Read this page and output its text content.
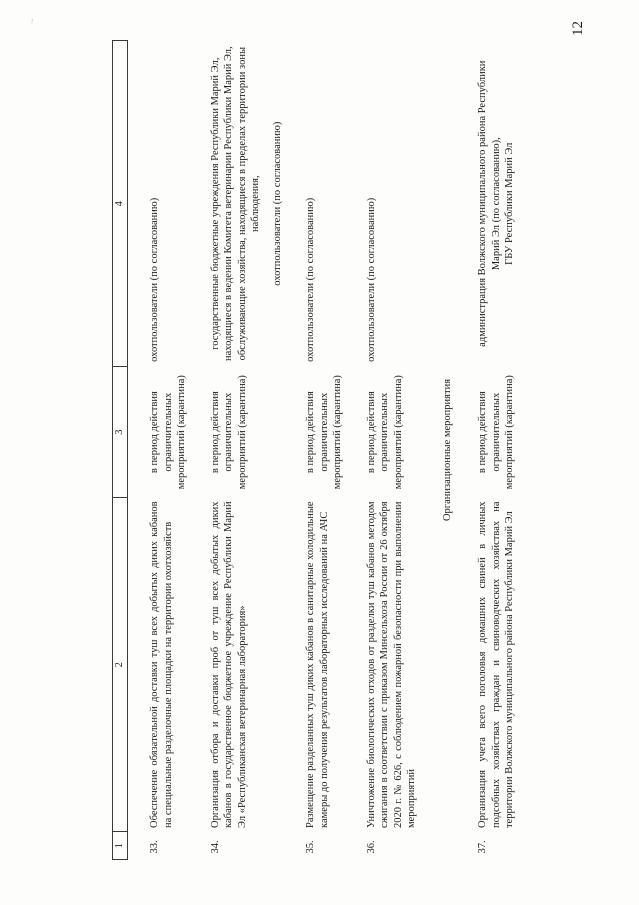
~	12
1	2	3	4
33.	Обеспечение обязательной доставки туш всех добытых диких кабанов на специальные разделочные площадки на территории охотхозяйств	в период действия ограничительных мероприятий (карантина)	охотпользователи (по согласованию)
34.	Организация отбора и доставки проб от туш всех добытых диких кабанов в государственное бюджетное учреждение Республики Марий Эл «Республиканская ветеринарная лаборатория»	в период действия ограничительных мероприятий (карантина)	государственные бюджетные учреждения Республики Марий Эл, находящиеся в ведении Комитета ветеринарии Республики Марий Эл, обслуживающие хозяйства, находящиеся в пределах территории зоны наблюдения, охотпользователи (по согласованию)

35.	Размещение разделанных туш диких кабанов в санитарные холодильные камеры до получения результатов лабораторных исследований на АЧС	в период действия ограничительных мероприятий (карантина)	охотпользователи (по согласованию)
36.	Уничтожение биологических отходов от разделки туш кабанов методом сжигания в соответствии с приказом Минсельхоза России от 26 октября 2020 г. № 626, с соблюдением пожарной безопасности при выполнении мероприятий	в период действия ограничительных мероприятий (карантина)	охотпользователи (по согласованию)
Организационные мероприятия			
37.	Организация учета всего поголовья домашних свиней в личных подсобных хозяйствах граждан и свиноводческих хозяйствах на территории Волжского муниципального района Республики Марий Эл	в период действия ограничительных мероприятий (карантина)	администрация Волжского муниципального района Республики Марий Эл (по согласованию), ГБУ Республики Марий Эл
